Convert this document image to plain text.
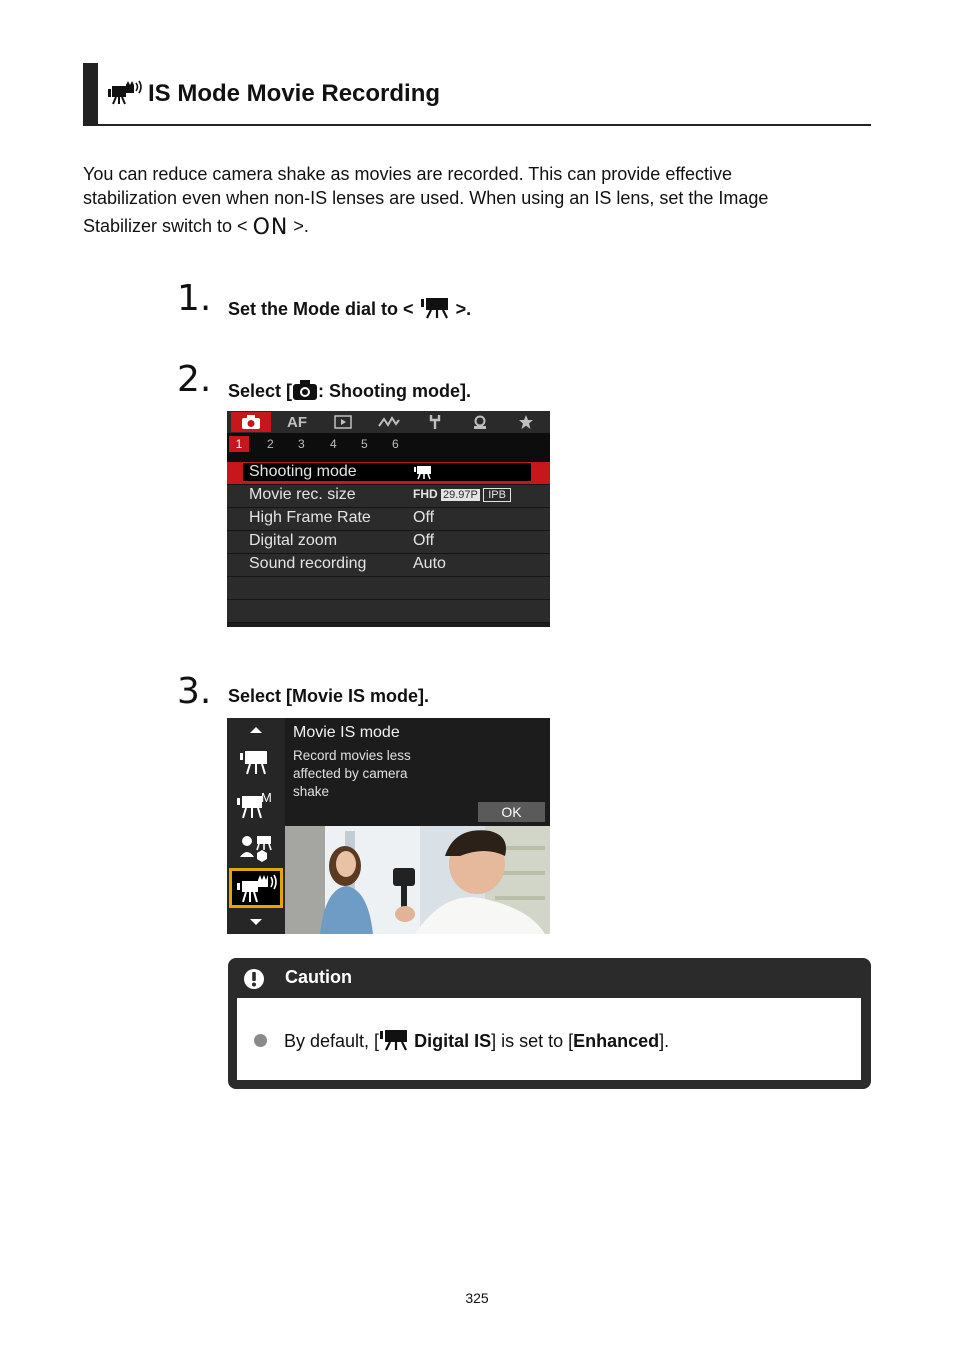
IS Mode Movie Recording

You can reduce camera shake as movies are recorded. This can provide effective

stabilization even when non-IS lenses are used. When using an IS lens, set the Image

Stabilizer switch to < ON >.

1. Set the Mode dial to < >.
2. Select [ : Shooting mode].
AF
1	2 3 4 5 6
Shooting mode
Movie rec. size	FHD 29.97P IPB
High Frame Rate	Off
Digital zoom	Off
Sound recording	Auto
3. Select [Movie IS mode].
M
Movie IS mode
Record movies less
affected by camera
shake
OK
Caution
By default, [ Digital IS] is set to [Enhanced].
325
